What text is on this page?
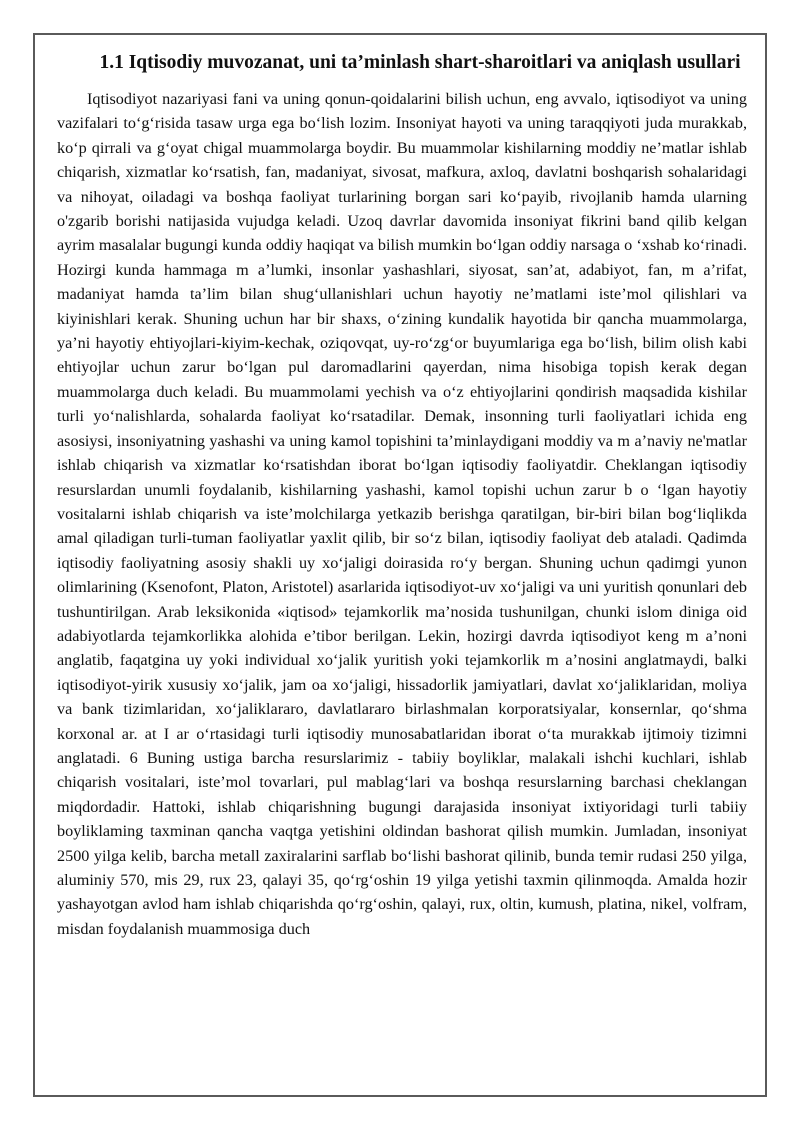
1.1 Iqtisodiy muvozanat, uni ta’minlash shart-sharoitlari va aniqlash usullari

Iqtisodiyot nazariyasi fani va uning qonun-qoidalarini bilish uchun, eng avvalo, iqtisodiyot va uning vazifalari to‘g‘risida tasaw urga ega bo‘lish lozim. Insoniyat hayoti va uning taraqqiyoti juda murakkab, ko‘p qirrali va g‘oyat chigal muammolarga boydir. Bu muammolar kishilarning moddiy ne’matlar ishlab chiqarish, xizmatlar ko‘rsatish, fan, madaniyat, sivosat, mafkura, axloq, davlatni boshqarish sohalaridagi va nihoyat, oiladagi va boshqa faoliyat turlarining borgan sari ko‘payib, rivojlanib hamda ularning o'zgarib borishi natijasida vujudga keladi. Uzoq davrlar davomida insoniyat fikrini band qilib kelgan ayrim masalalar bugungi kunda oddiy haqiqat va bilish mumkin bo‘lgan oddiy narsaga o ‘xshab ko‘rinadi. Hozirgi kunda hammaga m a’lumki, insonlar yashashlari, siyosat, san’at, adabiyot, fan, m a’rifat, madaniyat hamda ta’lim bilan shug‘ullanishlari uchun hayotiy ne’matlami iste’mol qilishlari va kiyinishlari kerak. Shuning uchun har bir shaxs, o‘zining kundalik hayotida bir qancha muammolarga, ya’ni hayotiy ehtiyojlari-kiyim-kechak, oziqovqat, uy-ro‘zg‘or buyumlariga ega bo‘lish, bilim olish kabi ehtiyojlar uchun zarur bo‘lgan pul daromadlarini qayerdan, nima hisobiga topish kerak degan muammolarga duch keladi. Bu muammolami yechish va o‘z ehtiyojlarini qondirish maqsadida kishilar turli yo‘nalishlarda, sohalarda faoliyat ko‘rsatadilar. Demak, insonning turli faoliyatlari ichida eng asosiysi, insoniyatning yashashi va uning kamol topishini ta’minlaydigani moddiy va m a’naviy ne'matlar ishlab chiqarish va xizmatlar ko‘rsatishdan iborat bo‘lgan iqtisodiy faoliyatdir. Cheklangan iqtisodiy resurslardan unumli foydalanib, kishilarning yashashi, kamol topishi uchun zarur b o ‘lgan hayotiy vositalarni ishlab chiqarish va iste’molchilarga yetkazib berishga qaratilgan, bir-biri bilan bog‘liqlikda amal qiladigan turli-tuman faoliyatlar yaxlit qilib, bir so‘z bilan, iqtisodiy faoliyat deb ataladi. Qadimda iqtisodiy faoliyatning asosiy shakli uy xo‘jaligi doirasida ro‘y bergan. Shuning uchun qadimgi yunon olimlarining (Ksenofont, Platon, Aristotel) asarlarida iqtisodiyot-uv xo‘jaligi va uni yuritish qonunlari deb tushuntirilgan. Arab leksikonida «iqtisod» tejamkorlik ma’nosida tushunilgan, chunki islom diniga oid adabiyotlarda tejamkorlikka alohida e’tibor berilgan. Lekin, hozirgi davrda iqtisodiyot keng m a’noni anglatib, faqatgina uy yoki individual xo‘jalik yuritish yoki tejamkorlik m a’nosini anglatmaydi, balki iqtisodiyot-yirik xususiy xo‘jalik, jam oa xo‘jaligi, hissadorlik jamiyatlari, davlat xo‘jaliklaridan, moliya va bank tizimlaridan, xo‘jaliklararo, davlatlararo birlashmalan korporatsiyalar, konsernlar, qo‘shma korxonal ar. at I ar o‘rtasidagi turli iqtisodiy munosabatlaridan iborat o‘ta murakkab ijtimoiy tizimni anglatadi. 6 Buning ustiga barcha resurslarimiz - tabiiy boyliklar, malakali ishchi kuchlari, ishlab chiqarish vositalari, iste’mol tovarlari, pul mablag‘lari va boshqa resurslarning barchasi cheklangan miqdordadir. Hattoki, ishlab chiqarishning bugungi darajasida insoniyat ixtiyoridagi turli tabiiy boyliklaming taxminan qancha vaqtga yetishini oldindan bashorat qilish mumkin. Jumladan, insoniyat 2500 yilga kelib, barcha metall zaxiralarini sarflab bo‘lishi bashorat qilinib, bunda temir rudasi 250 yilga, aluminiy 570, mis 29, rux 23, qalayi 35, qo‘rg‘oshin 19 yilga yetishi taxmin qilinmoqda. Amalda hozir yashayotgan avlod ham ishlab chiqarishda qo‘rg‘oshin, qalayi, rux, oltin, kumush, platina, nikel, volfram, misdan foydalanish muammosiga duch
